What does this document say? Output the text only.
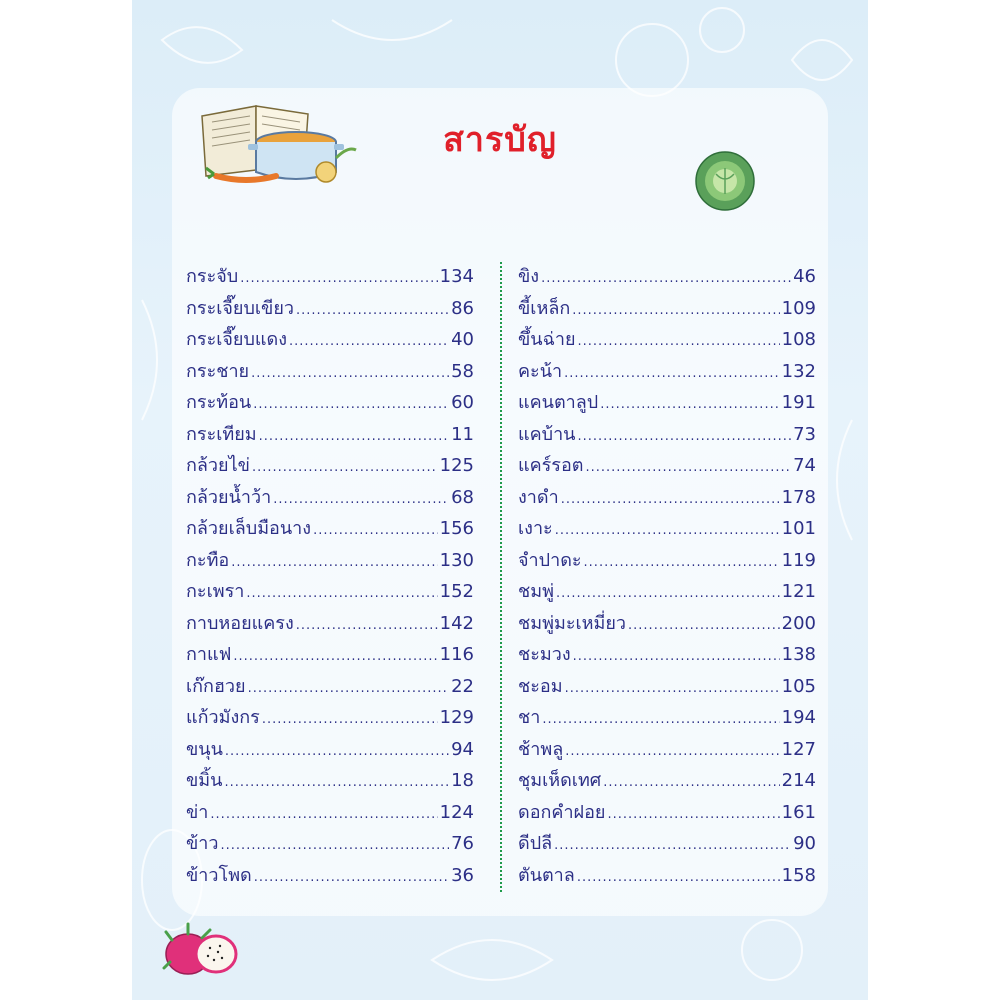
สารบัญ
กระจับ .....	134
กระเจี๊ยบเขียว .....	86
กระเจี๊ยบแดง .....	40
กระชาย .....	58
กระท้อน .....	60
กระเทียม .....	11
กล้วยไข่ .....	125
กล้วยน้ำว้า .....	68
กล้วยเล็บมือนาง .....	156
กะทือ .....	130
กะเพรา .....	152
กาบหอยแครง .....	142
กาแฟ .....	116
เก๊กฮวย .....	22
แก้วมังกร .....	129
ขนุน .....	94
ขมิ้น .....	18
ข่า .....	124
ข้าว .....	76
ข้าวโพด .....	36
ขิง .....	46
ขี้เหล็ก .....	109
ขึ้นฉ่าย .....	108
คะน้า .....	132
แคนตาลูป .....	191
แคบ้าน .....	73
แคร์รอต .....	74
งาดำ .....	178
เงาะ .....	101
จำปาดะ .....	119
ชมพู่ .....	121
ชมพู่มะเหมี่ยว .....	200
ชะมวง .....	138
ชะอม .....	105
ชา .....	194
ช้าพลู .....	127
ชุมเห็ดเทศ .....	214
ดอกคำฝอย .....	161
ดีปลี .....	90
ตันตาล .....	158
